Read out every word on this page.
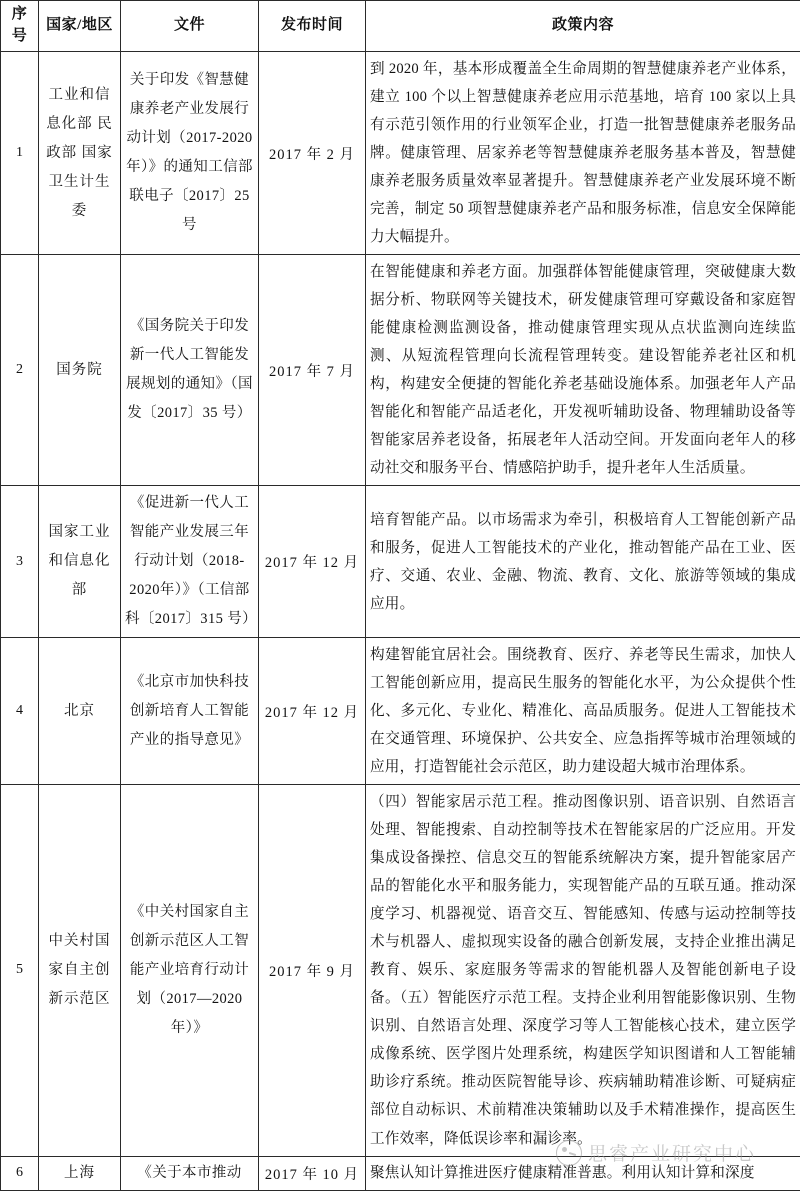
序号	国家/地区	文件	发布时间	政策内容
1	工业和信息化部 民政部 国家卫生计生委	关于印发《智慧健康养老产业发展行动计划（2017-2020年）》的通知工信部联电子〔2017〕25 号	2017 年 2 月	到 2020 年，基本形成覆盖全生命周期的智慧健康养老产业体系，建立 100 个以上智慧健康养老应用示范基地，培育 100 家以上具有示范引领作用的行业领军企业，打造一批智慧健康养老服务品牌。健康管理、居家养老等智慧健康养老服务基本普及，智慧健康养老服务质量效率显著提升。智慧健康养老产业发展环境不断完善，制定 50 项智慧健康养老产品和服务标准，信息安全保障能力大幅提升。
2	国务院	《国务院关于印发新一代人工智能发展规划的通知》（国发〔2017〕35 号）	2017 年 7 月	在智能健康和养老方面。加强群体智能健康管理，突破健康大数据分析、物联网等关键技术，研发健康管理可穿戴设备和家庭智能健康检测监测设备，推动健康管理实现从点状监测向连续监测、从短流程管理向长流程管理转变。建设智能养老社区和机构，构建安全便捷的智能化养老基础设施体系。加强老年人产品智能化和智能产品适老化，开发视听辅助设备、物理辅助设备等智能家居养老设备，拓展老年人活动空间。开发面向老年人的移动社交和服务平台、情感陪护助手，提升老年人生活质量。
3	国家工业和信息化部	《促进新一代人工智能产业发展三年行动计划（2018-2020年）》（工信部科〔2017〕315 号）	2017 年 12 月	培育智能产品。以市场需求为牵引，积极培育人工智能创新产品和服务，促进人工智能技术的产业化，推动智能产品在工业、医疗、交通、农业、金融、物流、教育、文化、旅游等领域的集成应用。
4	北京	《北京市加快科技创新培育人工智能产业的指导意见》	2017 年 12 月	构建智能宜居社会。围绕教育、医疗、养老等民生需求，加快人工智能创新应用，提高民生服务的智能化水平，为公众提供个性化、多元化、专业化、精准化、高品质服务。促进人工智能技术在交通管理、环境保护、公共安全、应急指挥等城市治理领域的应用，打造智能社会示范区，助力建设超大城市治理体系。
5	中关村国家自主创新示范区	《中关村国家自主创新示范区人工智能产业培育行动计划（2017—2020年）》	2017 年 9 月	（四）智能家居示范工程。推动图像识别、语音识别、自然语言处理、智能搜索、自动控制等技术在智能家居的广泛应用。开发集成设备操控、信息交互的智能系统解决方案，提升智能家居产品的智能化水平和服务能力，实现智能产品的互联互通。推动深度学习、机器视觉、语音交互、智能感知、传感与运动控制等技术与机器人、虚拟现实设备的融合创新发展，支持企业推出满足教育、娱乐、家庭服务等需求的智能机器人及智能创新电子设备。（五）智能医疗示范工程。支持企业利用智能影像识别、生物识别、自然语言处理、深度学习等人工智能核心技术，建立医学成像系统、医学图片处理系统，构建医学知识图谱和人工智能辅助诊疗系统。推动医院智能导诊、疾病辅助精准诊断、可疑病症部位自动标识、术前精准决策辅助以及手术精准操作，提高医生工作效率，降低误诊率和漏诊率。
6	上海	《关于本市推动	2017 年 10 月	聚焦认知计算推进医疗健康精准普惠。利用认知计算和深度
思睿产业研究中心
